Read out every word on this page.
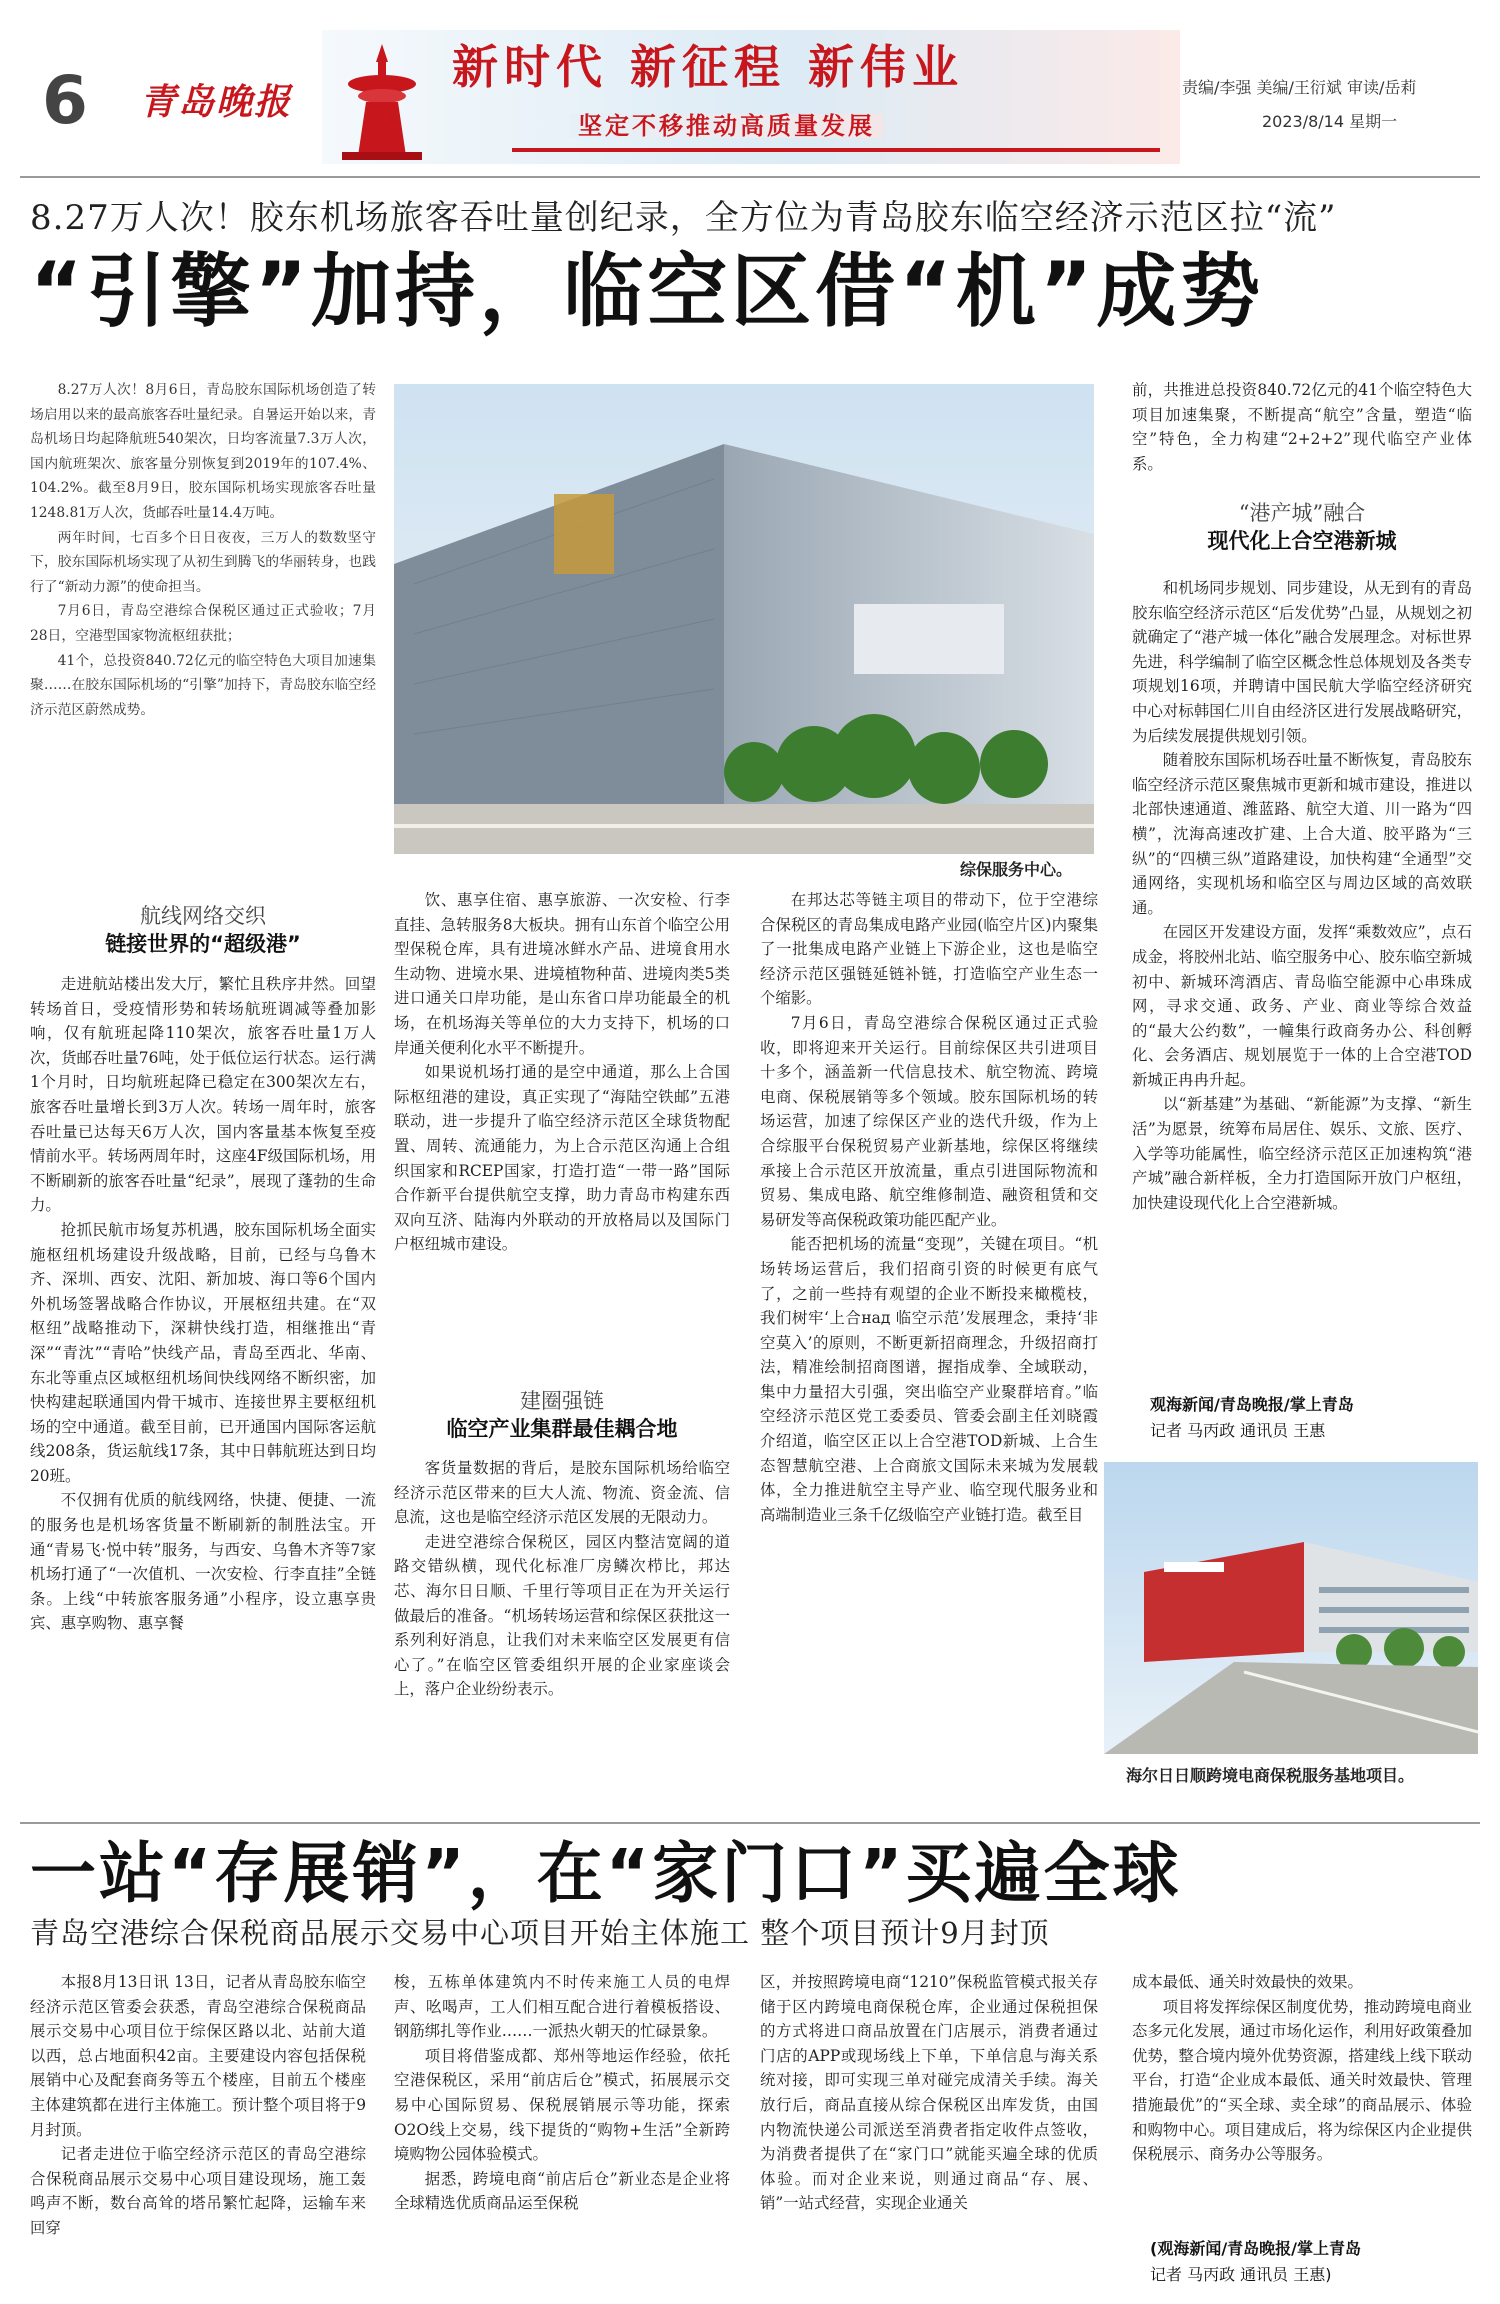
6 青岛晚报
新时代 新征程 新伟业
坚定不移推动高质量发展
责编/李强 美编/王衍斌 审读/岳莉
2023/8/14 星期一
8.27万人次！胶东机场旅客吞吐量创纪录，全方位为青岛胶东临空经济示范区拉“流”
“引擎”加持，临空区借“机”成势

8.27万人次！8月6日，青岛胶东国际机场创造了转场启用以来的最高旅客吞吐量纪录。自暑运开始以来，青岛机场日均起降航班540架次，日均客流量7.3万人次，国内航班架次、旅客量分别恢复到2019年的107.4%、104.2%。截至8月9日，胶东国际机场实现旅客吞吐量1248.81万人次，货邮吞吐量14.4万吨。

两年时间，七百多个日日夜夜，三万人的数数坚守下，胶东国际机场实现了从初生到腾飞的华丽转身，也践行了“新动力源”的使命担当。

7月6日，青岛空港综合保税区通过正式验收；7月28日，空港型国家物流枢纽获批；

41个，总投资840.72亿元的临空特色大项目加速集聚……在胶东国际机场的“引擎”加持下，青岛胶东临空经济示范区蔚然成势。

航线网络交织
链接世界的“超级港”

走进航站楼出发大厅，繁忙且秩序井然。回望转场首日，受疫情形势和转场航班调减等叠加影响，仅有航班起降110架次，旅客吞吐量1万人次，货邮吞吐量76吨，处于低位运行状态。运行满1个月时，日均航班起降已稳定在300架次左右，旅客吞吐量增长到3万人次。转场一周年时，旅客吞吐量已达每天6万人次，国内客量基本恢复至疫情前水平。转场两周年时，这座4F级国际机场，用不断刷新的旅客吞吐量“纪录”，展现了蓬勃的生命力。

抢抓民航市场复苏机遇，胶东国际机场全面实施枢纽机场建设升级战略，目前，已经与乌鲁木齐、深圳、西安、沈阳、新加坡、海口等6个国内外机场签署战略合作协议，开展枢纽共建。在“双枢纽”战略推动下，深耕快线打造，相继推出“青深”“青沈”“青哈”快线产品，青岛至西北、华南、东北等重点区域枢纽机场间快线网络不断织密，加快构建起联通国内骨干城市、连接世界主要枢纽机场的空中通道。截至目前，已开通国内国际客运航线208条，货运航线17条，其中日韩航班达到日均20班。

不仅拥有优质的航线网络，快捷、便捷、一流的服务也是机场客货量不断刷新的制胜法宝。开通“青易飞·悦中转”服务，与西安、乌鲁木齐等7家机场打通了“一次值机、一次安检、行李直挂”全链条。上线“中转旅客服务通”小程序，设立惠享贵宾、惠享购物、惠享餐

综保服务中心。

饮、惠享住宿、惠享旅游、一次安检、行李直挂、急转服务8大板块。拥有山东首个临空公用型保税仓库，具有进境冰鲜水产品、进境食用水生动物、进境水果、进境植物种苗、进境肉类5类进口通关口岸功能，是山东省口岸功能最全的机场，在机场海关等单位的大力支持下，机场的口岸通关便利化水平不断提升。

如果说机场打通的是空中通道，那么上合国际枢纽港的建设，真正实现了“海陆空铁邮”五港联动，进一步提升了临空经济示范区全球货物配置、周转、流通能力，为上合示范区沟通上合组织国家和RCEP国家，打造打造“一带一路”国际合作新平台提供航空支撑，助力青岛市构建东西双向互济、陆海内外联动的开放格局以及国际门户枢纽城市建设。

建圈强链
临空产业集群最佳耦合地

客货量数据的背后，是胶东国际机场给临空经济示范区带来的巨大人流、物流、资金流、信息流，这也是临空经济示范区发展的无限动力。

走进空港综合保税区，园区内整洁宽阔的道路交错纵横，现代化标准厂房鳞次栉比，邦达芯、海尔日日顺、千里行等项目正在为开关运行做最后的准备。“机场转场运营和综保区获批这一系列利好消息，让我们对未来临空区发展更有信心了。”在临空区管委组织开展的企业家座谈会上，落户企业纷纷表示。

在邦达芯等链主项目的带动下，位于空港综合保税区的青岛集成电路产业园(临空片区)内聚集了一批集成电路产业链上下游企业，这也是临空经济示范区强链延链补链，打造临空产业生态一个缩影。

7月6日，青岛空港综合保税区通过正式验收，即将迎来开关运行。目前综保区共引进项目十多个，涵盖新一代信息技术、航空物流、跨境电商、保税展销等多个领域。胶东国际机场的转场运营，加速了综保区产业的迭代升级，作为上合综服平台保税贸易产业新基地，综保区将继续承接上合示范区开放流量，重点引进国际物流和贸易、集成电路、航空维修制造、融资租赁和交易研发等高保税政策功能匹配产业。

能否把机场的流量“变现”，关键在项目。“机场转场运营后，我们招商引资的时候更有底气了，之前一些持有观望的企业不断投来橄榄枝，我们树牢‘上合над 临空示范’发展理念，秉持‘非空莫入’的原则，不断更新招商理念，升级招商打法，精准绘制招商图谱，握指成拳、全域联动，集中力量招大引强，突出临空产业聚群培育。”临空经济示范区党工委委员、管委会副主任刘晓霞介绍道，临空区正以上合空港TOD新城、上合生态智慧航空港、上合商旅文国际未来城为发展载体，全力推进航空主导产业、临空现代服务业和高端制造业三条千亿级临空产业链打造。截至目

前，共推进总投资840.72亿元的41个临空特色大项目加速集聚，不断提高“航空”含量，塑造“临空”特色，全力构建“2+2+2”现代临空产业体系。

“港产城”融合
现代化上合空港新城

和机场同步规划、同步建设，从无到有的青岛胶东临空经济示范区“后发优势”凸显，从规划之初就确定了“港产城一体化”融合发展理念。对标世界先进，科学编制了临空区概念性总体规划及各类专项规划16项，并聘请中国民航大学临空经济研究中心对标韩国仁川自由经济区进行发展战略研究，为后续发展提供规划引领。

随着胶东国际机场吞吐量不断恢复，青岛胶东临空经济示范区聚焦城市更新和城市建设，推进以北部快速通道、潍蓝路、航空大道、川一路为“四横”，沈海高速改扩建、上合大道、胶平路为“三纵”的“四横三纵”道路建设，加快构建“全通型”交通网络，实现机场和临空区与周边区域的高效联通。

在园区开发建设方面，发挥“乘数效应”，点石成金，将胶州北站、临空服务中心、胶东临空新城初中、新城环湾酒店、青岛临空能源中心串珠成网，寻求交通、政务、产业、商业等综合效益的“最大公约数”，一幢集行政商务办公、科创孵化、会务酒店、规划展览于一体的上合空港TOD新城正冉冉升起。

以“新基建”为基础、“新能源”为支撑、“新生活”为愿景，统筹布局居住、娱乐、文旅、医疗、入学等功能属性，临空经济示范区正加速构筑“港产城”融合新样板，全力打造国际开放门户枢纽，加快建设现代化上合空港新城。

观海新闻/青岛晚报/掌上青岛
记者 马丙政 通讯员 王惠
海尔日日顺跨境电商保税服务基地项目。
一站“存展销”，在“家门口”买遍全球
青岛空港综合保税商品展示交易中心项目开始主体施工 整个项目预计9月封顶

本报8月13日讯 13日，记者从青岛胶东临空经济示范区管委会获悉，青岛空港综合保税商品展示交易中心项目位于综保区路以北、站前大道以西，总占地面积42亩。主要建设内容包括保税展销中心及配套商务等五个楼座，目前五个楼座主体建筑都在进行主体施工。预计整个项目将于9月封顶。

记者走进位于临空经济示范区的青岛空港综合保税商品展示交易中心项目建设现场，施工轰鸣声不断，数台高耸的塔吊繁忙起降，运输车来回穿

梭，五栋单体建筑内不时传来施工人员的电焊声、吆喝声，工人们相互配合进行着模板搭设、钢筋绑扎等作业……一派热火朝天的忙碌景象。

项目将借鉴成都、郑州等地运作经验，依托空港保税区，采用“前店后仓”模式，拓展展示交易中心国际贸易、保税展销展示等功能，探索O2O线上交易，线下提货的“购物+生活”全新跨境购物公园体验模式。

据悉，跨境电商“前店后仓”新业态是企业将全球精选优质商品运至保税

区，并按照跨境电商“1210”保税监管模式报关存储于区内跨境电商保税仓库，企业通过保税担保的方式将进口商品放置在门店展示，消费者通过门店的APP或现场线上下单，下单信息与海关系统对接，即可实现三单对碰完成清关手续。海关放行后，商品直接从综合保税区出库发货，由国内物流快递公司派送至消费者指定收件点签收，为消费者提供了在“家门口”就能买遍全球的优质体验。而对企业来说，则通过商品“存、展、销”一站式经营，实现企业通关

成本最低、通关时效最快的效果。

项目将发挥综保区制度优势，推动跨境电商业态多元化发展，通过市场化运作，利用好政策叠加优势，整合境内境外优势资源，搭建线上线下联动平台，打造“企业成本最低、通关时效最快、管理措施最优”的“买全球、卖全球”的商品展示、体验和购物中心。项目建成后，将为综保区内企业提供保税展示、商务办公等服务。

(观海新闻/青岛晚报/掌上青岛
记者 马丙政 通讯员 王惠)
